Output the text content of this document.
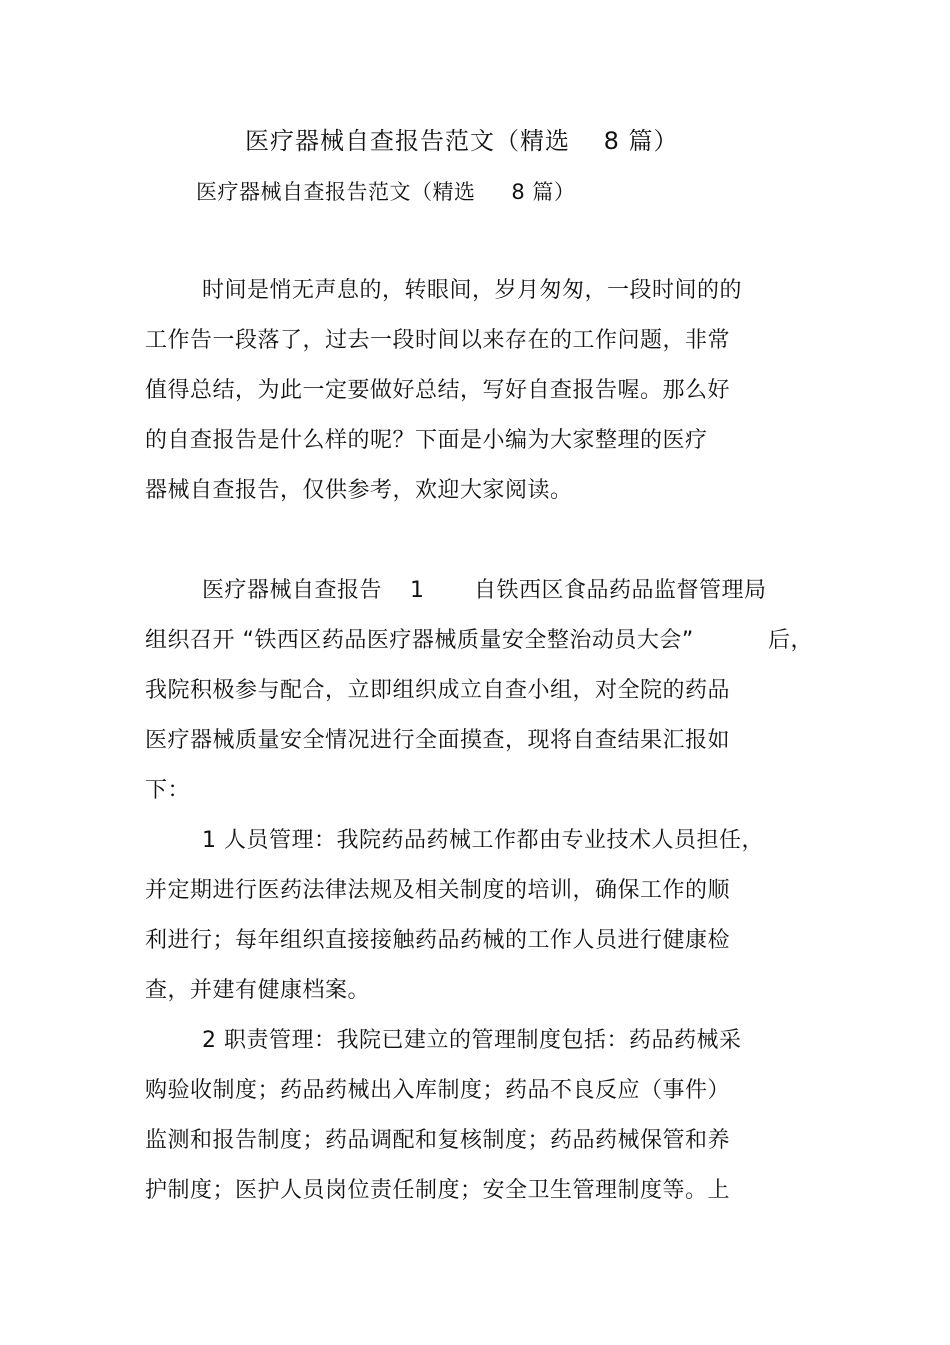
医疗器械自查报告范文（精选　 8 篇）
医疗器械自查报告范文（精选　  8 篇）
时间是悄无声息的，转眼间，岁月匆匆，一段时间的的
工作告一段落了，过去一段时间以来存在的工作问题，非常
值得总结，为此一定要做好总结，写好自查报告喔。那么好
的自查报告是什么样的呢？下面是小编为大家整理的医疗
器械自查报告，仅供参考，欢迎大家阅读。
医疗器械自查报告 1 自铁西区食品药品监督管理局
组织召开 “铁西区药品医疗器械质量安全整治动员大会”	后，
我院积极参与配合，立即组织成立自查小组，对全院的药品
医疗器械质量安全情况进行全面摸查，现将自查结果汇报如
下：
1 人员管理：我院药品药械工作都由专业技术人员担任，
并定期进行医药法律法规及相关制度的培训，确保工作的顺
利进行；每年组织直接接触药品药械的工作人员进行健康检
查，并建有健康档案。
2 职责管理：我院已建立的管理制度包括：药品药械采
购验收制度；药品药械出入库制度；药品不良反应（事件）
监测和报告制度；药品调配和复核制度；药品药械保管和养
护制度；医护人员岗位责任制度；安全卫生管理制度等。上
